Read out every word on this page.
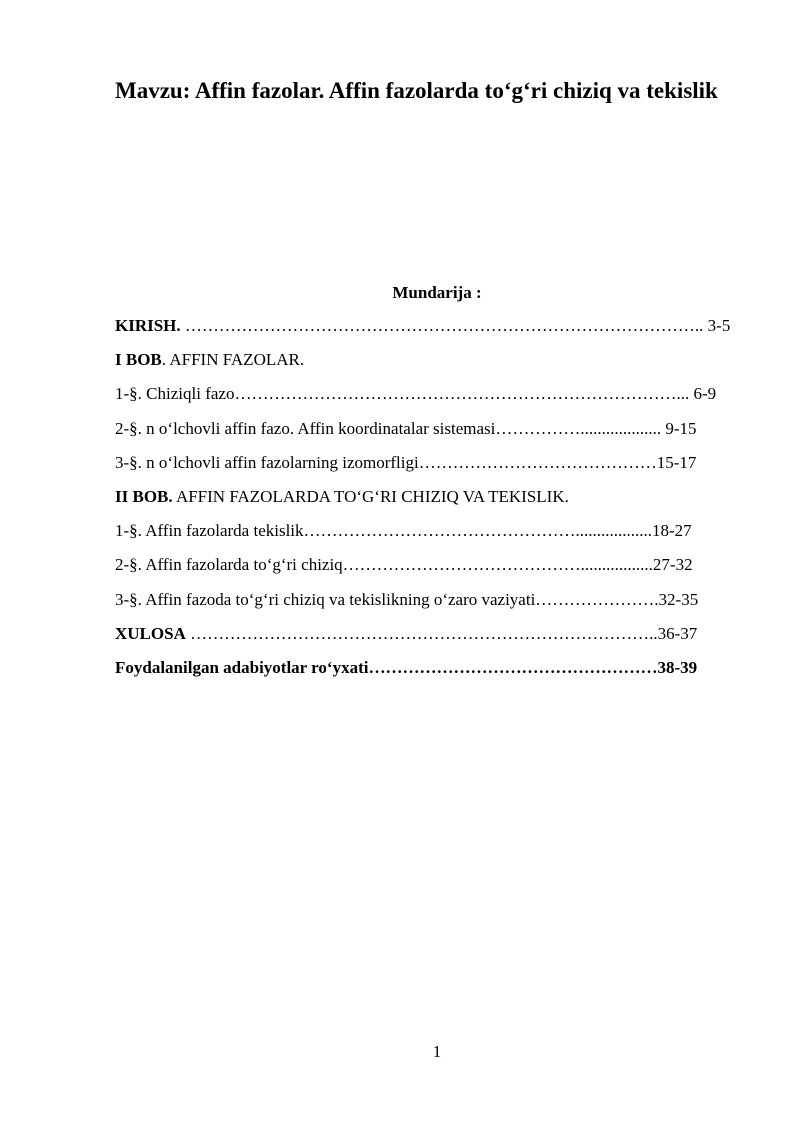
Mavzu: Affin fazolar. Affin fazolarda to‘g‘ri chiziq va tekislik
Mundarija :
KIRISH. ……………………………………………………………………………….. 3-5
I BOB. AFFIN FAZOLAR.
1-§. Chiziqli fazo……………………………………………………………………... 6-9
2-§. n o‘lchovli affin fazo. Affin koordinatalar sistemasi……………................... 9-15
3-§. n o‘lchovli affin fazolarning izomorfligi……………………………………15-17
II BOB. AFFIN FAZOLARDA TO‘G‘RI CHIZIQ VA TEKISLIK.
1-§. Affin fazolarda tekislik…………………………………………..................18-27
2-§. Affin fazolarda to‘g‘ri chiziq…………………………………….................27-32
3-§. Affin fazoda to‘g‘ri chiziq va tekislikning o‘zaro vaziyati………………….32-35
XULOSA ………………………………………………………………………..36-37
Foydalanilgan adabiyotlar ro‘yxati……………………………………………38-39
1
